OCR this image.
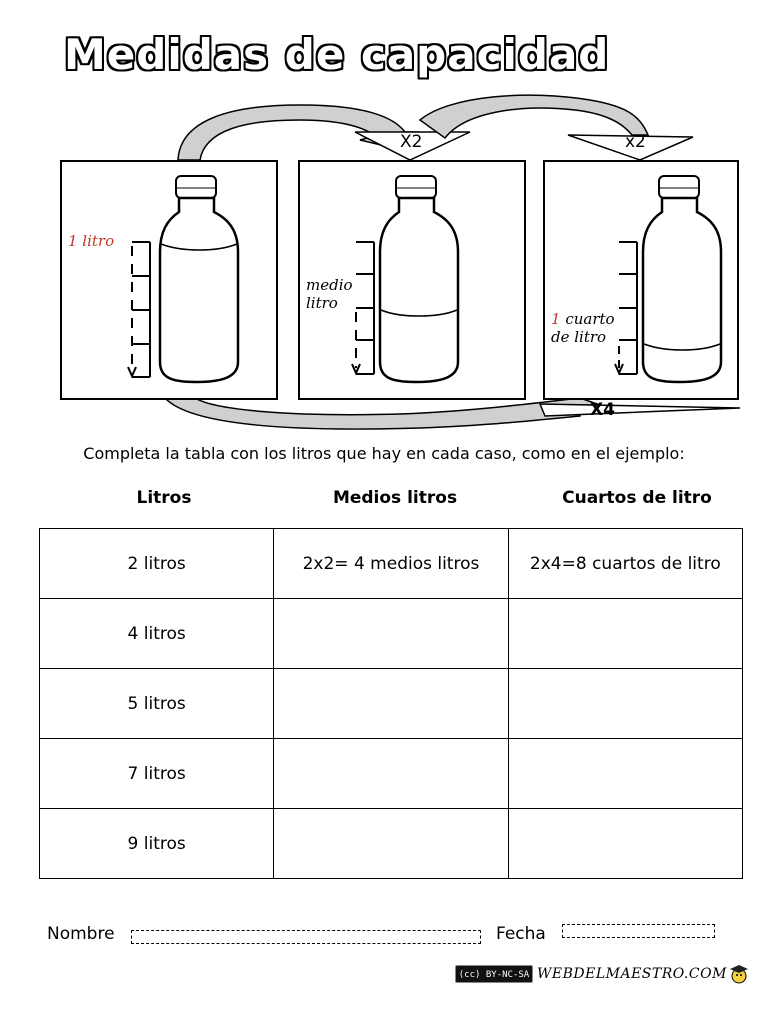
Medidas de capacidad
X2	x2
X4
1 litro
medio
litro
1 cuarto
de litro
Completa la tabla con los litros que hay en cada caso, como en el ejemplo:
Litros	Medios litros	Cuartos de litro
2 litros	2x2= 4 medios litros	2x4=8 cuartos de litro
4 litros		
5 litros		
7 litros		
9 litros		
Nombre	Fecha
(cc) BY-NC-SA WEBDELMAESTRO.COM
